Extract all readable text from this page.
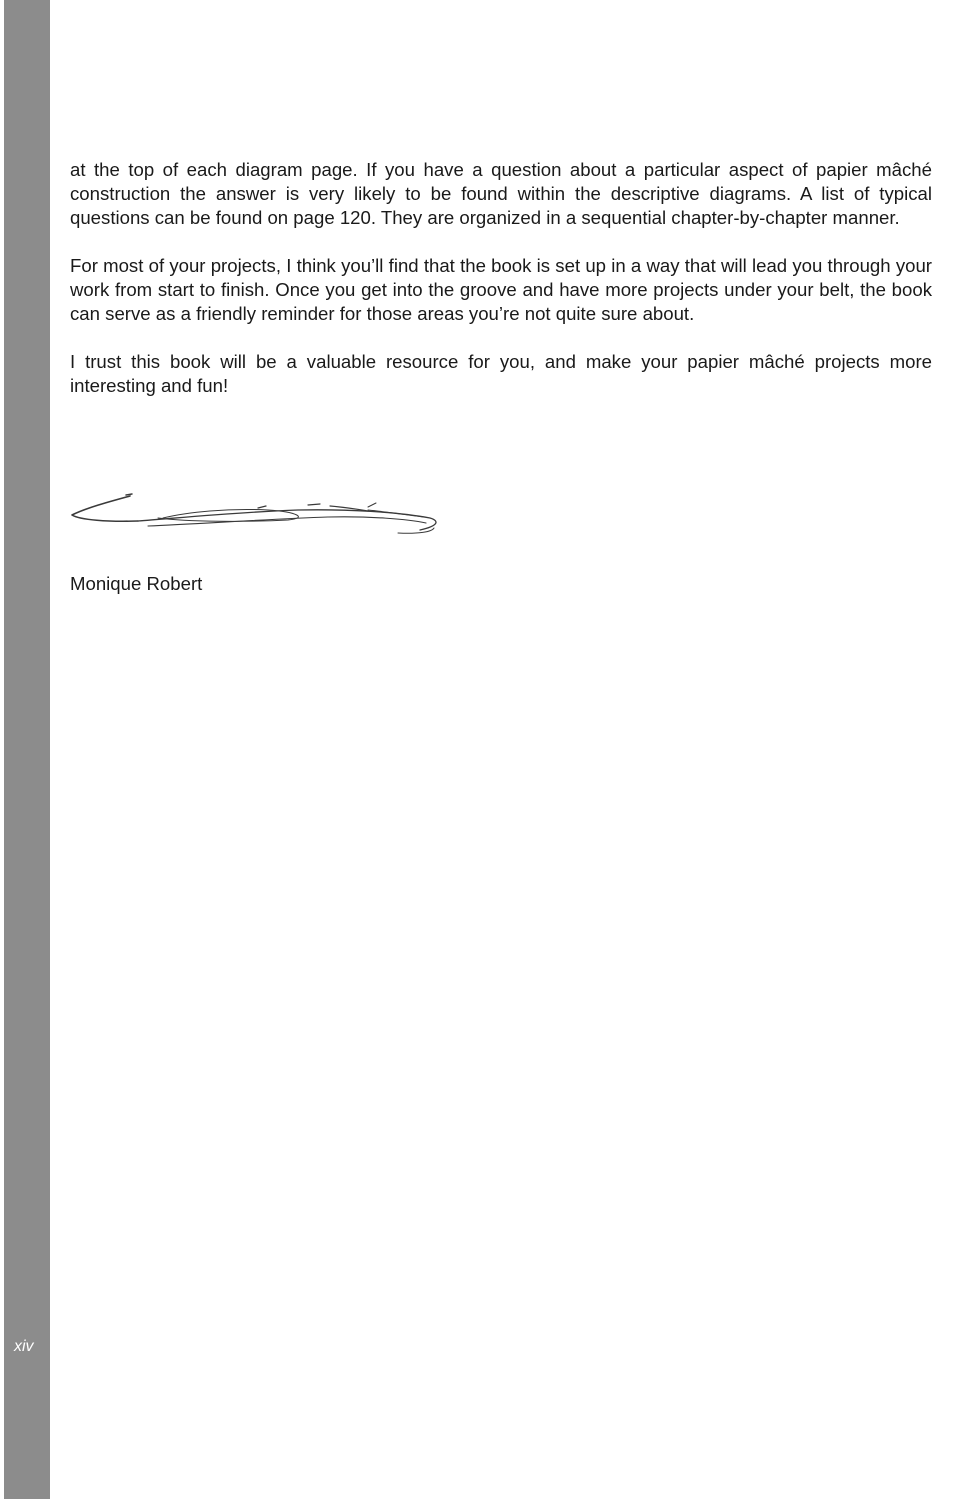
xiv

at the top of each diagram page. If you have a question about a particular aspect of papier mâché construction the answer is very likely to be found within the descriptive diagrams. A list of typical questions can be found on page 120. They are organized in a sequential chapter-by-chapter manner.

For most of your projects, I think you’ll find that the book is set up in a way that will lead you through your work from start to finish. Once you get into the groove and have more projects under your belt, the book can serve as a friendly reminder for those areas you’re not quite sure about.

I trust this book will be a valuable resource for you, and make your papier mâché projects more interesting and fun!

Monique Robert
